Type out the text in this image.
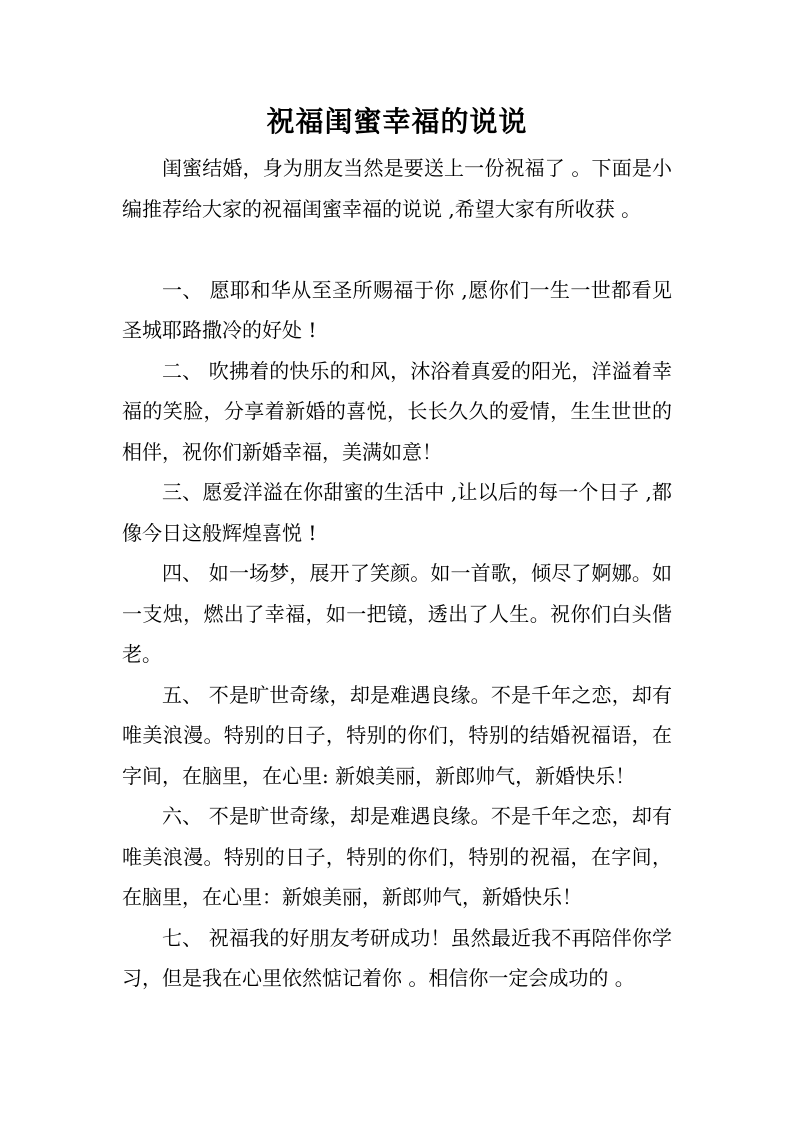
祝福闺蜜幸福的说说

闺蜜结婚，身为朋友当然是要送上一份祝福了 。下面是小编推荐给大家的祝福闺蜜幸福的说说 ,希望大家有所收获 。

一、 愿耶和华从至圣所赐福于你 ,愿你们一生一世都看见圣城耶路撒冷的好处 !

二、 吹拂着的快乐的和风，沐浴着真爱的阳光，洋溢着幸福的笑脸，分享着新婚的喜悦，长长久久的爱情，生生世世的相伴，祝你们新婚幸福，美满如意！

三、愿爱洋溢在你甜蜜的生活中 ,让以后的每一个日子 ,都像今日这般辉煌喜悦 !

四、 如一场梦，展开了笑颜。如一首歌，倾尽了婀娜。如一支烛，燃出了幸福，如一把镜，透出了人生。祝你们白头偕老。

五、 不是旷世奇缘，却是难遇良缘。不是千年之恋，却有唯美浪漫。特别的日子，特别的你们，特别的结婚祝福语，在字间，在脑里，在心里: 新娘美丽，新郎帅气，新婚快乐！

六、 不是旷世奇缘，却是难遇良缘。不是千年之恋，却有唯美浪漫。特别的日子，特别的你们，特别的祝福，在字间，在脑里，在心里：新娘美丽，新郎帅气，新婚快乐！

七、 祝福我的好朋友考研成功！虽然最近我不再陪伴你学习，但是我在心里依然惦记着你 。相信你一定会成功的 。
